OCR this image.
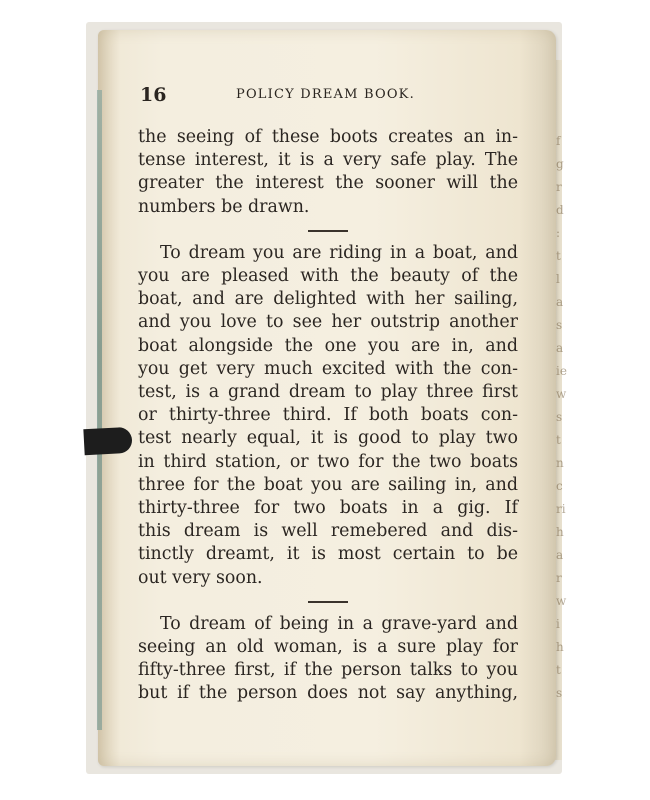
f
g
r
d
:
t
l
a
s
a
ie
w
s
t
n
c
ri
h
a
r
w
i
h
t
s
16	POLICY DREAM BOOK.

the seeing of these boots creates an in-
tense interest, it is a very safe play. The
greater the interest the sooner will the
numbers be drawn.

To dream you are riding in a boat, and
you are pleased with the beauty of the
boat, and are delighted with her sailing,
and you love to see her outstrip another
boat alongside the one you are in, and
you get very much excited with the con-
test, is a grand dream to play three first
or thirty-three third. If both boats con-
test nearly equal, it is good to play two
in third station, or two for the two boats
three for the boat you are sailing in, and
thirty-three for two boats in a gig. If
this dream is well remebered and dis-
tinctly dreamt, it is most certain to be
out very soon.

To dream of being in a grave-yard and
seeing an old woman, is a sure play for
fifty-three first, if the person talks to you
but if the person does not say anything,
